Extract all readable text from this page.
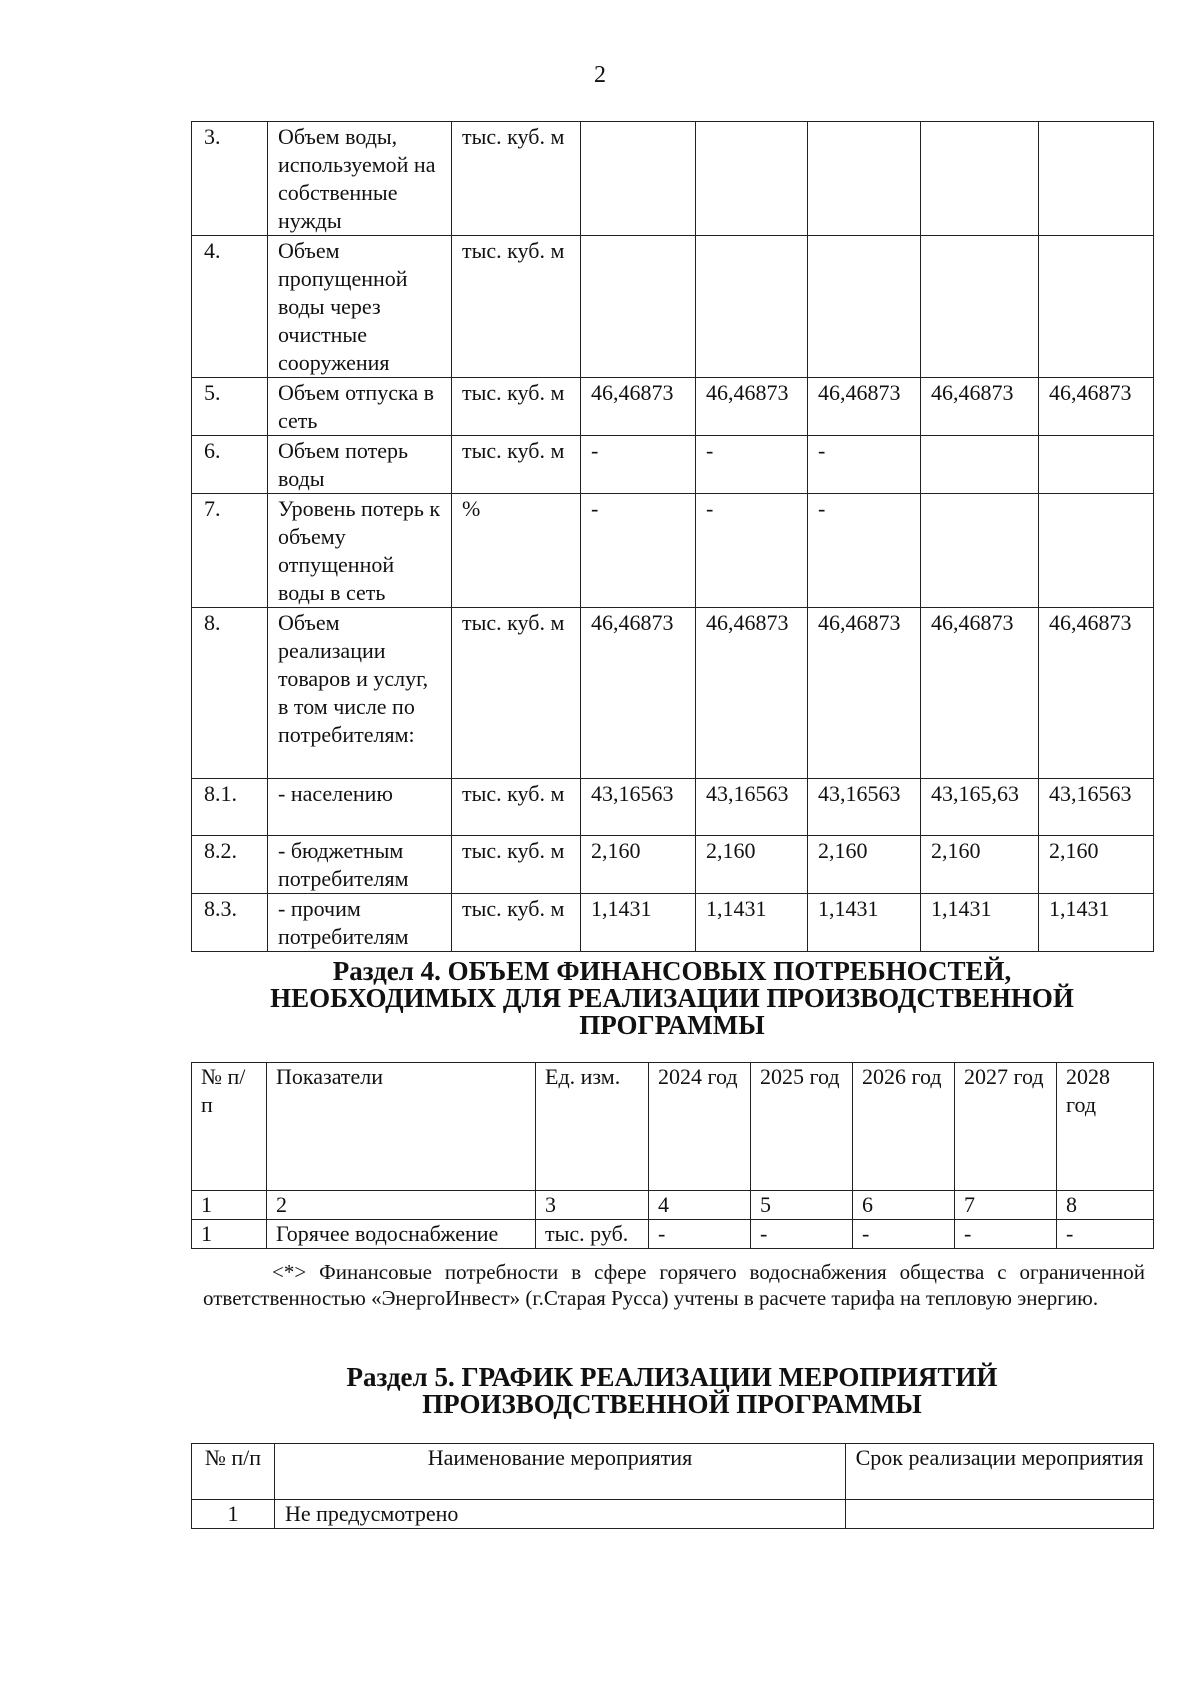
2
3.	Объем воды, используемой на собственные нужды	тыс. куб. м					
4.	Объем пропущенной воды через очистные сооружения	тыс. куб. м					
5.	Объем отпуска в сеть	тыс. куб. м	46,46873	46,46873	46,46873	46,46873	46,46873
6.	Объем потерь воды	тыс. куб. м	-	-	-		
7.	Уровень потерь к объему отпущенной воды в сеть	%	-	-	-		
8.	Объем реализации товаров и услуг, в том числе по потребителям:	тыс. куб. м	46,46873	46,46873	46,46873	46,46873	46,46873
8.1.	- населению	тыс. куб. м	43,16563	43,16563	43,16563	43,165,63	43,16563
8.2.	- бюджетным потребителям	тыс. куб. м	2,160	2,160	2,160	2,160	2,160
8.3.	- прочим потребителям	тыс. куб. м	1,1431	1,1431	1,1431	1,1431	1,1431
Раздел 4. ОБЪЕМ ФИНАНСОВЫХ ПОТРЕБНОСТЕЙ,
НЕОБХОДИМЫХ ДЛЯ РЕАЛИЗАЦИИ ПРОИЗВОДСТВЕННОЙ
ПРОГРАММЫ
№ п/п	Показатели	Ед. изм.	2024 год	2025 год	2026 год	2027 год	2028 год
1	2	3	4	5	6	7	8
1	Горячее водоснабжение	тыс. руб.	-	-	-	-	-
<*> Финансовые потребности в сфере горячего водоснабжения общества с ограниченной ответственностью «ЭнергоИнвест» (г.Старая Русса) учтены в расчете тарифа на тепловую энергию.
Раздел 5. ГРАФИК РЕАЛИЗАЦИИ МЕРОПРИЯТИЙ
ПРОИЗВОДСТВЕННОЙ ПРОГРАММЫ
№ п/п	Наименование мероприятия	Срок реализации мероприятия
1	Не предусмотрено	
